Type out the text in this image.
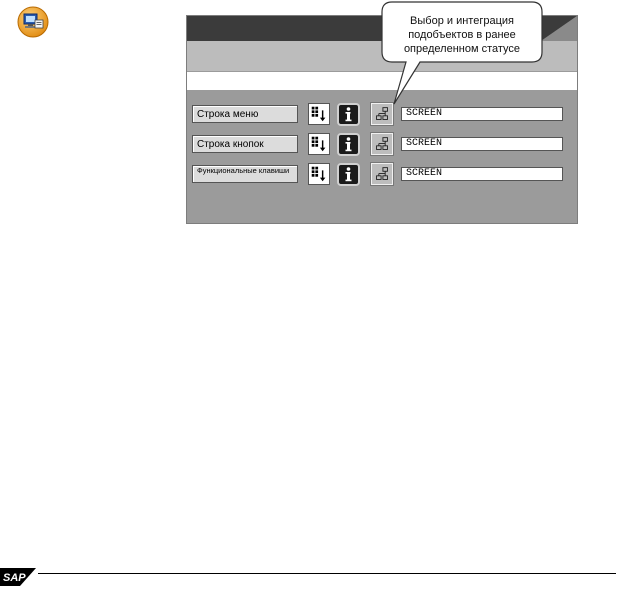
Строка меню	SCREEN
Строка кнопок	SCREEN
Функциональные клавиши	SCREEN
Выбор и интеграция подобъектов в ранее определенном статусе
SAP
